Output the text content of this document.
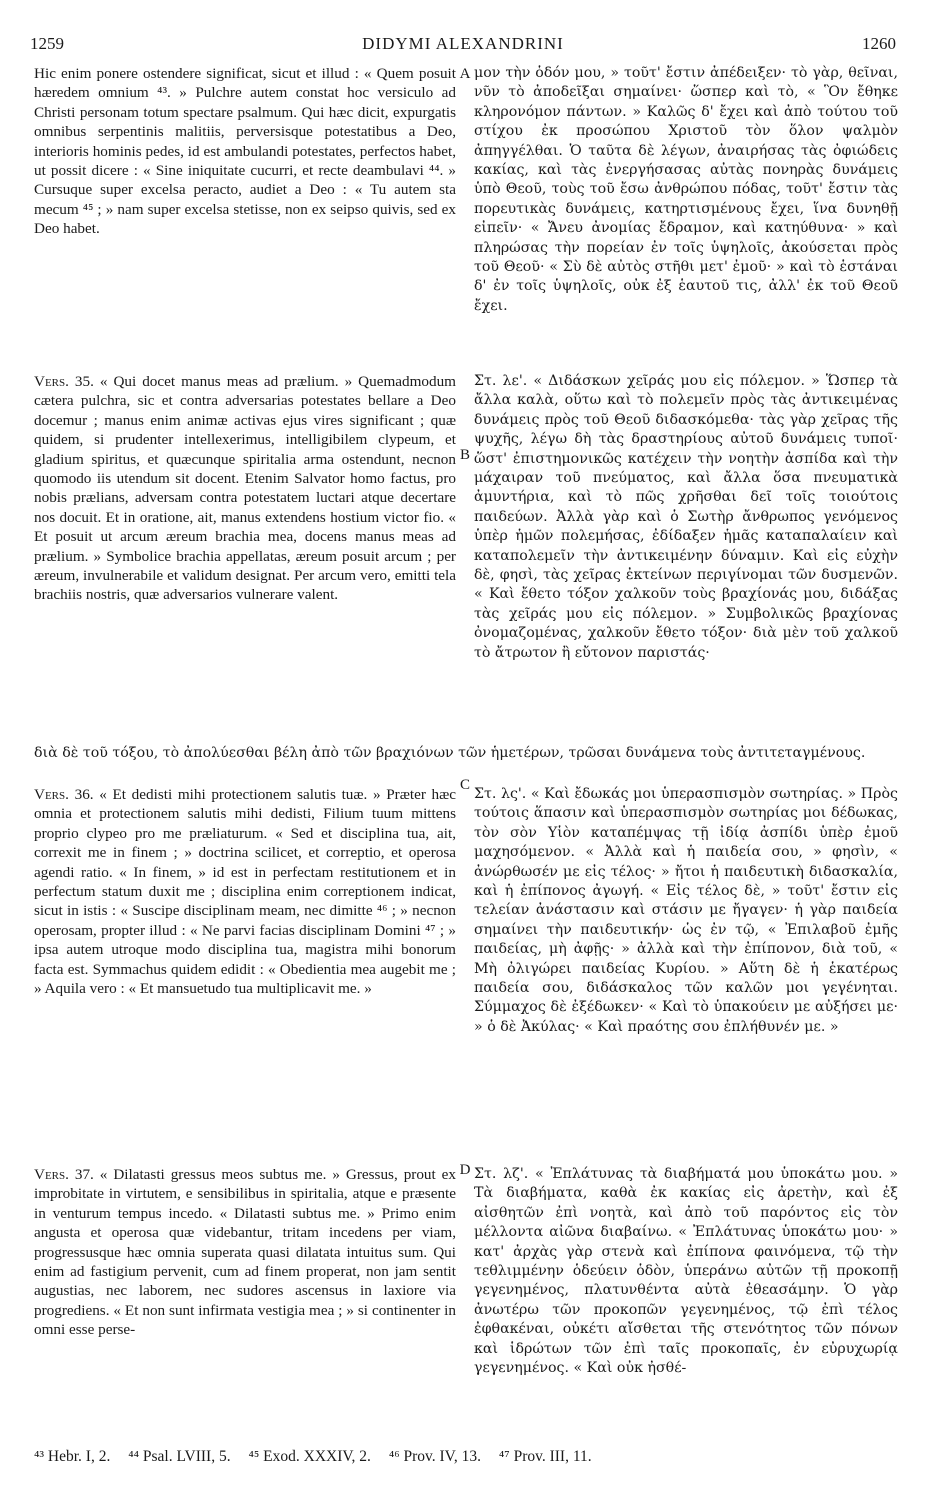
1259	DIDYMI ALEXANDRINI	1260
A
B
C
D

Hic enim ponere ostendere significat, sicut et illud : « Quem posuit hæredem omnium ⁴³. » Pulchre autem constat hoc versiculo ad Christi personam totum spectare psalmum. Qui hæc dicit, expurgatis omnibus serpentinis malitiis, perversisque potestatibus a Deo, interioris hominis pedes, id est ambulandi potestates, perfectos habet, ut possit dicere : « Sine iniquitate cucurri, et recte deambulavi ⁴⁴. » Cursuque super excelsa peracto, audiet a Deo : « Tu autem sta mecum ⁴⁵ ; » nam super excelsa stetisse, non ex seipso quivis, sed ex Deo habet.

μον τὴν ὁδόν μου, » τοῦτ' ἔστιν ἀπέδειξεν· τὸ γὰρ, θεῖναι, νῦν τὸ ἀποδεῖξαι σημαίνει· ὥσπερ καὶ τὸ, « Ὃν ἔθηκε κληρονόμον πάντων. » Καλῶς δ' ἔχει καὶ ἀπὸ τούτου τοῦ στίχου ἐκ προσώπου Χριστοῦ τὸν ὅλον ψαλμὸν ἀπηγγέλθαι. Ὁ ταῦτα δὲ λέγων, ἀναιρήσας τὰς ὀφιώδεις κακίας, καὶ τὰς ἐνεργήσασας αὐτὰς πονηρὰς δυνάμεις ὑπὸ Θεοῦ, τοὺς τοῦ ἔσω ἀνθρώπου πόδας, τοῦτ' ἔστιν τὰς πορευτικὰς δυνάμεις, κατηρτισμένους ἔχει, ἵνα δυνηθῇ εἰπεῖν· « Ἄνευ ἀνομίας ἔδραμον, καὶ κατηύθυνα· » καὶ πληρώσας τὴν πορείαν ἐν τοῖς ὑψηλοῖς, ἀκούσεται πρὸς τοῦ Θεοῦ· « Σὺ δὲ αὐτὸς στῆθι μετ' ἐμοῦ· » καὶ τὸ ἑστάναι δ' ἐν τοῖς ὑψηλοῖς, οὐκ ἐξ ἑαυτοῦ τις, ἀλλ' ἐκ τοῦ Θεοῦ ἔχει.

Vers. 35. « Qui docet manus meas ad prælium. » Quemadmodum cætera pulchra, sic et contra adversarias potestates bellare a Deo docemur ; manus enim animæ activas ejus vires significant ; quæ quidem, si prudenter intellexerimus, intelligibilem clypeum, et gladium spiritus, et quæcunque spiritalia arma ostendunt, necnon quomodo iis utendum sit docent. Etenim Salvator homo factus, pro nobis prælians, adversam contra potestatem luctari atque decertare nos docuit. Et in oratione, ait, manus extendens hostium victor fio. « Et posuit ut arcum æreum brachia mea, docens manus meas ad prælium. » Symbolice brachia appellatas, æreum posuit arcum ; per æreum, invulnerabile et validum designat. Per arcum vero, emitti tela brachiis nostris, quæ adversarios vulnerare valent.

Στ. λε'. « Διδάσκων χεῖράς μου εἰς πόλεμον. » Ὥσπερ τὰ ἄλλα καλὰ, οὕτω καὶ τὸ πολεμεῖν πρὸς τὰς ἀντικειμένας δυνάμεις πρὸς τοῦ Θεοῦ διδασκόμεθα· τὰς γὰρ χεῖρας τῆς ψυχῆς, λέγω δὴ τὰς δραστηρίους αὐτοῦ δυνάμεις τυποῖ· ὥστ' ἐπιστημονικῶς κατέχειν τὴν νοητὴν ἀσπίδα καὶ τὴν μάχαιραν τοῦ πνεύματος, καὶ ἄλλα ὅσα πνευματικὰ ἀμυντήρια, καὶ τὸ πῶς χρῆσθαι δεῖ τοῖς τοιούτοις παιδεύων. Ἀλλὰ γὰρ καὶ ὁ Σωτὴρ ἄνθρωπος γενόμενος ὑπὲρ ἡμῶν πολεμήσας, ἐδίδαξεν ἡμᾶς καταπαλαίειν καὶ καταπολεμεῖν τὴν ἀντικειμένην δύναμιν. Καὶ εἰς εὐχὴν δὲ, φησὶ, τὰς χεῖρας ἐκτείνων περιγίνομαι τῶν δυσμενῶν. « Καὶ ἔθετο τόξον χαλκοῦν τοὺς βραχίονάς μου, διδάξας τὰς χεῖράς μου εἰς πόλεμον. » Συμβολικῶς βραχίονας ὀνομαζομένας, χαλκοῦν ἔθετο τόξον· διὰ μὲν τοῦ χαλκοῦ τὸ ἄτρωτον ἢ εὔτονον παριστάς·

διὰ δὲ τοῦ τόξου, τὸ ἀπολύεσθαι βέλη ἀπὸ τῶν βραχιόνων τῶν ἡμετέρων, τρῶσαι δυνάμενα τοὺς ἀντιτεταγμένους.

Vers. 36. « Et dedisti mihi protectionem salutis tuæ. » Præter hæc omnia et protectionem salutis mihi dedisti, Filium tuum mittens proprio clypeo pro me præliaturum. « Sed et disciplina tua, ait, correxit me in finem ; » doctrina scilicet, et correptio, et operosa agendi ratio. « In finem, » id est in perfectam restitutionem et in perfectum statum duxit me ; disciplina enim correptionem indicat, sicut in istis : « Suscipe disciplinam meam, nec dimitte ⁴⁶ ; » necnon operosam, propter illud : « Ne parvi facias disciplinam Domini ⁴⁷ ; » ipsa autem utroque modo disciplina tua, magistra mihi bonorum facta est. Symmachus quidem edidit : « Obedientia mea augebit me ; » Aquila vero : « Et mansuetudo tua multiplicavit me. »

Στ. λς'. « Καὶ ἔδωκάς μοι ὑπερασπισμὸν σωτηρίας. » Πρὸς τούτοις ἅπασιν καὶ ὑπερασπισμὸν σωτηρίας μοι δέδωκας, τὸν σὸν Υἱὸν καταπέμψας τῇ ἰδίᾳ ἀσπίδι ὑπὲρ ἐμοῦ μαχησόμενον. « Ἀλλὰ καὶ ἡ παιδεία σου, » φησὶν, « ἀνώρθωσέν με εἰς τέλος· » ἤτοι ἡ παιδευτικὴ διδασκαλία, καὶ ἡ ἐπίπονος ἀγωγή. « Εἰς τέλος δὲ, » τοῦτ' ἔστιν εἰς τελείαν ἀνάστασιν καὶ στάσιν με ἤγαγεν· ἡ γὰρ παιδεία σημαίνει τὴν παιδευτικήν· ὡς ἐν τῷ, « Ἐπιλαβοῦ ἐμῆς παιδείας, μὴ ἀφῇς· » ἀλλὰ καὶ τὴν ἐπίπονον, διὰ τοῦ, « Μὴ ὀλιγώρει παιδείας Κυρίου. » Αὕτη δὲ ἡ ἑκατέρως παιδεία σου, διδάσκαλος τῶν καλῶν μοι γεγένηται. Σύμμαχος δὲ ἐξέδωκεν· « Καὶ τὸ ὑπακούειν με αὐξήσει με· » ὁ δὲ Ἀκύλας· « Καὶ πραότης σου ἐπλήθυνέν με. »

Vers. 37. « Dilatasti gressus meos subtus me. » Gressus, prout ex improbitate in virtutem, e sensibilibus in spiritalia, atque e præsente in venturum tempus incedo. « Dilatasti subtus me. » Primo enim angusta et operosa quæ videbantur, tritam incedens per viam, progressusque hæc omnia superata quasi dilatata intuitus sum. Qui enim ad fastigium pervenit, cum ad finem properat, non jam sentit augustias, nec laborem, nec sudores ascensus in laxiore via progrediens. « Et non sunt infirmata vestigia mea ; » si continenter in omni esse perse-

Στ. λζ'. « Ἐπλάτυνας τὰ διαβήματά μου ὑποκάτω μου. » Τὰ διαβήματα, καθὰ ἐκ κακίας εἰς ἀρετὴν, καὶ ἐξ αἰσθητῶν ἐπὶ νοητὰ, καὶ ἀπὸ τοῦ παρόντος εἰς τὸν μέλλοντα αἰῶνα διαβαίνω. « Ἐπλάτυνας ὑποκάτω μου· » κατ' ἀρχὰς γὰρ στενὰ καὶ ἐπίπονα φαινόμενα, τῷ τὴν τεθλιμμένην ὁδεύειν ὁδὸν, ὑπεράνω αὐτῶν τῇ προκοπῇ γεγενημένος, πλατυνθέντα αὐτὰ ἐθεασάμην. Ὁ γὰρ ἀνωτέρω τῶν προκοπῶν γεγενημένος, τῷ ἐπὶ τέλος ἐφθακέναι, οὐκέτι αἴσθεται τῆς στενότητος τῶν πόνων καὶ ἱδρώτων τῶν ἐπὶ ταῖς προκοπαῖς, ἐν εὐρυχωρίᾳ γεγενημένος. « Καὶ οὐκ ἠσθέ-

⁴³ Hebr. I, 2. ⁴⁴ Psal. LVIII, 5. ⁴⁵ Exod. XXXIV, 2. ⁴⁶ Prov. IV, 13. ⁴⁷ Prov. III, 11.
